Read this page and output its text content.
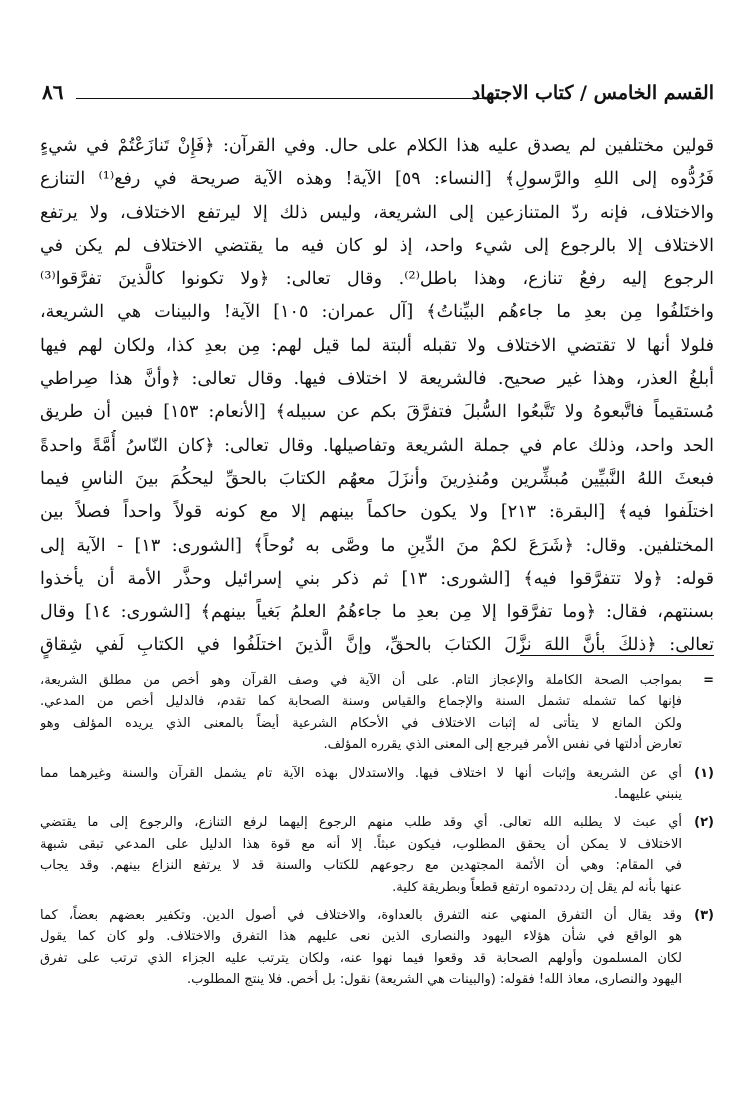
القسم الخامس / كتاب الاجتهاد
٨٦
قولين مختلفين لم يصدق عليه هذا الكلام على حال. وفي القرآن: ﴿فَإِنْ تَنازَعْتُمْ في شيءٍ
فَرُدُّوه إلى اللهِ والرَّسولِ﴾ [النساء: ٥٩] الآية! وهذه الآية صريحة في رفع⁽¹⁾ التنازع
والاختلاف، فإنه ردّ المتنازعين إلى الشريعة، وليس ذلك إلا ليرتفع الاختلاف، ولا يرتفع
الاختلاف إلا بالرجوع إلى شيء واحد، إذ لو كان فيه ما يقتضي الاختلاف لم يكن في
الرجوع إليه رفعُ تنازع، وهذا باطل⁽²⁾. وقال تعالى: ﴿ولا تكونوا كالَّذينَ تفرَّقوا⁽³⁾
واختَلفُوا مِن بعدِ ما جاءهُم البيِّناتُ﴾ [آل عمران: ١٠٥] الآية! والبينات هي الشريعة،
فلولا أنها لا تقتضي الاختلاف ولا تقبله ألبتة لما قيل لهم: مِن بعدِ كذا، ولكان لهم فيها
أبلغُ العذر، وهذا غير صحيح. فالشريعة لا اختلاف فيها. وقال تعالى: ﴿وأنَّ هذا صِراطي
مُستقيماً فاتَّبعوهُ ولا تَتَّبعُوا السُّبلَ فتفرَّقَ بكم عن سبيله﴾ [الأنعام: ١٥٣] فبين أن طريق
الحد واحد، وذلك عام في جملة الشريعة وتفاصيلها. وقال تعالى: ﴿كان النّاسُ أُمَّةً واحدةً
فبعثَ اللهُ النَّبيِّين مُبشِّرين ومُنذِرينَ وأنزَلَ معهُم الكتابَ بالحقِّ ليحكُمَ بينَ الناسِ فيما
اختلَفوا فيه﴾ [البقرة: ٢١٣] ولا يكون حاكماً بينهم إلا مع كونه قولاً واحداً فصلاً بين
المختلفين. وقال: ﴿شَرَعَ لكمْ منَ الدِّينِ ما وصَّى به نُوحاً﴾ [الشورى: ١٣] - الآية إلى
قوله: ﴿ولا تتفرَّقوا فيه﴾ [الشورى: ١٣] ثم ذكر بني إسرائيل وحذَّر الأمة أن يأخذوا
بسنتهم، فقال: ﴿وما تفرَّقوا إلا مِن بعدِ ما جاءهُمُ العلمُ بَغياً بينهم﴾ [الشورى: ١٤] وقال
تعالى: ﴿ذلكَ بأنَّ اللهَ نزَّلَ الكتابَ بالحقِّ، وإنَّ الَّذينَ اختلَفُوا في الكتابِ لَفي شِقاقٍ
=
بمواجب الصحة الكاملة والإعجاز التام. على أن الآية في وصف القرآن وهو أخص من مطلق الشريعة،
فإنها كما تشمله تشمل السنة والإجماع والقياس وسنة الصحابة كما تقدم، فالدليل أخص من المدعي.
ولكن المانع لا يتأتى له إثبات الاختلاف في الأحكام الشرعية أيضاً بالمعنى الذي يريده المؤلف وهو
تعارض أدلتها في نفس الأمر فيرجع إلى المعنى الذي يقرره المؤلف.
(١)
أي عن الشريعة وإثبات أنها لا اختلاف فيها. والاستدلال بهذه الآية تام يشمل القرآن والسنة وغيرهما مما
ينبني عليهما.
(٢)
أي عبث لا يطلبه الله تعالى. أي وقد طلب منهم الرجوع إليهما لرفع التنازع، والرجوع إلى ما يقتضي
الاختلاف لا يمكن أن يحقق المطلوب، فيكون عبثاً. إلا أنه مع قوة هذا الدليل على المدعي تبقى شبهة
في المقام: وهي أن الأئمة المجتهدين مع رجوعهم للكتاب والسنة قد لا يرتفع النزاع بينهم. وقد يجاب
عنها بأنه لم يقل إن رددتموه ارتفع قطعاً وبطريقة كلية.
(٣)
وقد يقال أن التفرق المنهي عنه التفرق بالعداوة، والاختلاف في أصول الدين. وتكفير بعضهم بعضاً، كما
هو الواقع في شأن هؤلاء اليهود والنصارى الذين نعى عليهم هذا التفرق والاختلاف. ولو كان كما يقول
لكان المسلمون وأولهم الصحابة قد وقعوا فيما نهوا عنه، ولكان يترتب عليه الجزاء الذي ترتب على تفرق
اليهود والنصارى، معاذ الله! فقوله: (والبينات هي الشريعة) نقول: بل أخص. فلا ينتج المطلوب.
